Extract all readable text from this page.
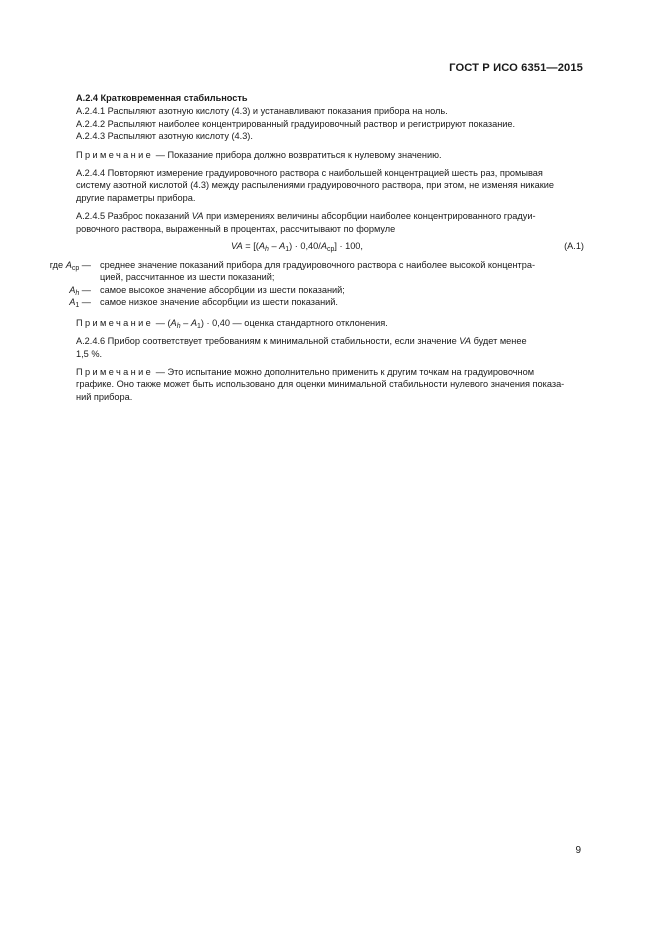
ГОСТ Р ИСО 6351—2015

А.2.4 Кратковременная стабильность

А.2.4.1 Распыляют азотную кислоту (4.3) и устанавливают показания прибора на ноль.

А.2.4.2 Распыляют наиболее концентрированный градуировочный раствор и регистрируют показание.

А.2.4.3 Распыляют азотную кислоту (4.3).

Примечание — Показание прибора должно возвратиться к нулевому значению.

А.2.4.4 Повторяют измерение градуировочного раствора с наибольшей концентрацией шесть раз, промывая
систему азотной кислотой (4.3) между распылениями градуировочного раствора, при этом, не изменяя никакие
другие параметры прибора.

А.2.4.5 Разброс показаний VA при измерениях величины абсорбции наиболее концентрированного градуи-
ровочного раствора, выраженный в процентах, рассчитывают по формуле

VA = $[(A_h - A_1) \cdot 0,40/A_{ср}] \cdot 100$,	(А.1)
где $A_{ср}$ — среднее значение показаний прибора для градуировочного раствора с наиболее высокой концентра-
цией, рассчитанное из шести показаний;
$A_h$ — самое высокое значение абсорбции из шести показаний;
$A_1$ — самое низкое значение абсорбции из шести показаний.

Примечание — $(A_h - A_1) \cdot 0,40$ — оценка стандартного отклонения.

А.2.4.6 Прибор соответствует требованиям к минимальной стабильности, если значение VA будет менее
1,5 %.

Примечание — Это испытание можно дополнительно применить к другим точкам на градуировочном
графике. Оно также может быть использовано для оценки минимальной стабильности нулевого значения показа-
ний прибора.

9
